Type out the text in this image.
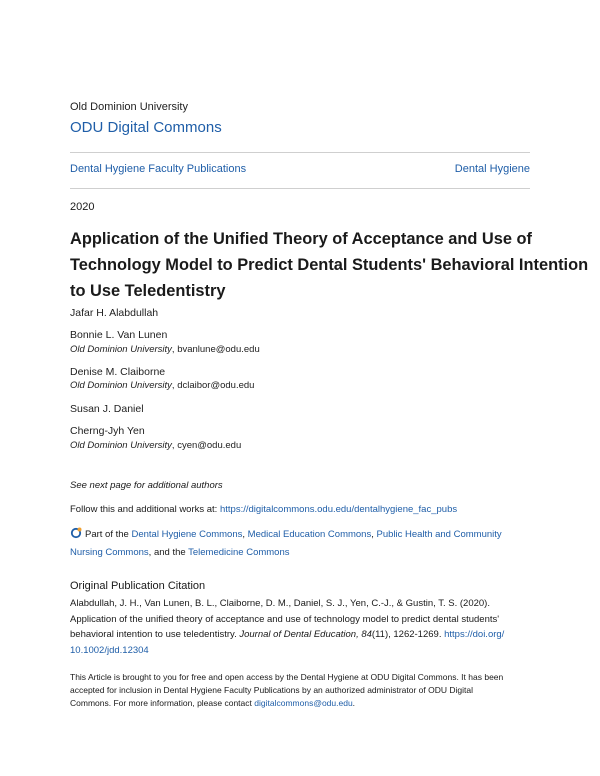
Old Dominion University
ODU Digital Commons
Dental Hygiene Faculty Publications	Dental Hygiene
2020
Application of the Unified Theory of Acceptance and Use of
Technology Model to Predict Dental Students' Behavioral Intention
to Use Teledentistry
Jafar H. Alabdullah
Bonnie L. Van Lunen
Old Dominion University, bvanlune@odu.edu
Denise M. Claiborne
Old Dominion University, dclaibor@odu.edu
Susan J. Daniel
Cherng-Jyh Yen
Old Dominion University, cyen@odu.edu
See next page for additional authors
Follow this and additional works at: https://digitalcommons.odu.edu/dentalhygiene_fac_pubs
Part of the Dental Hygiene Commons, Medical Education Commons, Public Health and Community
Nursing Commons, and the Telemedicine Commons
Original Publication Citation
Alabdullah, J. H., Van Lunen, B. L., Claiborne, D. M., Daniel, S. J., Yen, C.-J., & Gustin, T. S. (2020).
Application of the unified theory of acceptance and use of technology model to predict dental students'
behavioral intention to use teledentistry. Journal of Dental Education, 84(11), 1262-1269. https://doi.org/
10.1002/jdd.12304
This Article is brought to you for free and open access by the Dental Hygiene at ODU Digital Commons. It has been
accepted for inclusion in Dental Hygiene Faculty Publications by an authorized administrator of ODU Digital
Commons. For more information, please contact digitalcommons@odu.edu.
